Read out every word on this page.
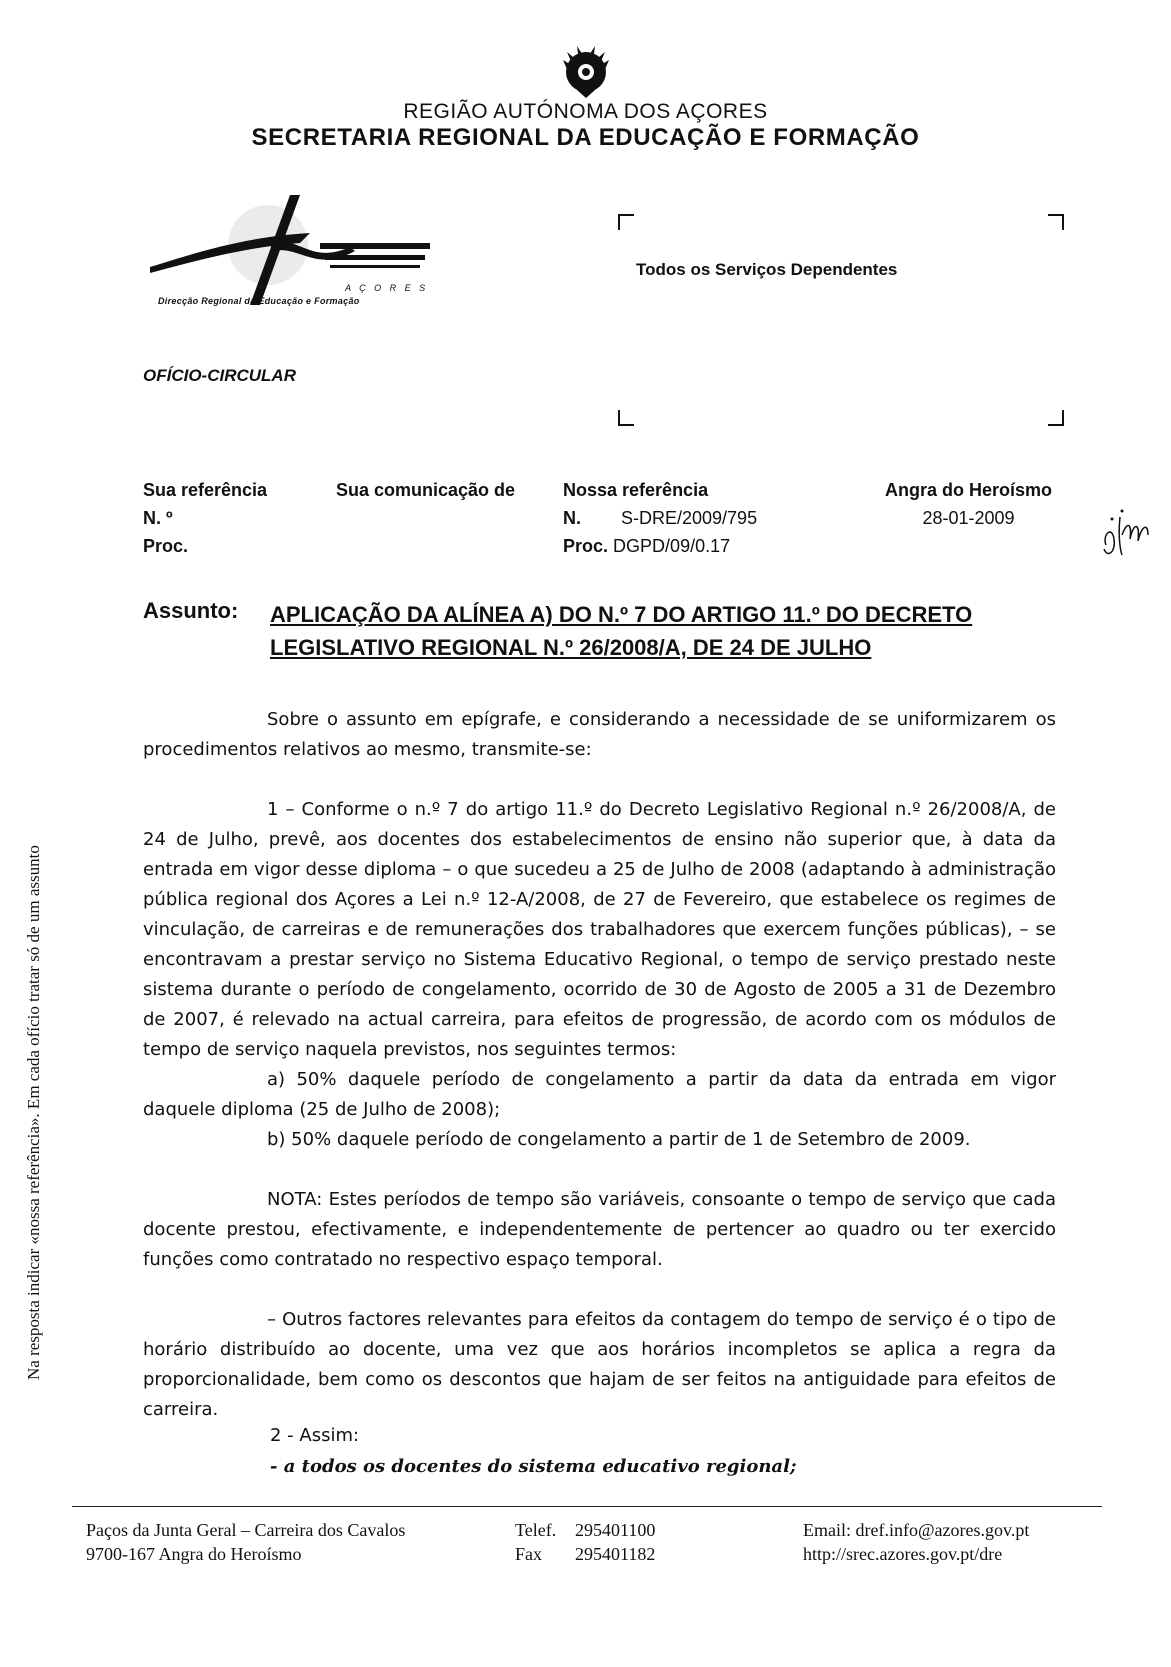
REGIÃO AUTÓNOMA DOS AÇORES
SECRETARIA REGIONAL DA EDUCAÇÃO E FORMAÇÃO
Direcção Regional da Educação e Formação
A Ç O R E S
Todos os Serviços Dependentes
OFÍCIO-CIRCULAR
Sua referência
N. º
Proc.
Sua comunicação de	Nossa referência
N. S-DRE/2009/795
Proc. DGPD/09/0.17
Angra do Heroísmo
28-01-2009
Assunto: APLICAÇÃO DA ALÍNEA A) DO N.º 7 DO ARTIGO 11.º DO DECRETO LEGISLATIVO REGIONAL N.º 26/2008/A, DE 24 DE JULHO
Sobre o assunto em epígrafe, e considerando a necessidade de se uniformizarem os procedimentos relativos ao mesmo, transmite-se:
1 – Conforme o n.º 7 do artigo 11.º do Decreto Legislativo Regional n.º 26/2008/A, de 24 de Julho, prevê, aos docentes dos estabelecimentos de ensino não superior que, à data da entrada em vigor desse diploma – o que sucedeu a 25 de Julho de 2008 (adaptando à administração pública regional dos Açores a Lei n.º 12-A/2008, de 27 de Fevereiro, que estabelece os regimes de vinculação, de carreiras e de remunerações dos trabalhadores que exercem funções públicas), – se encontravam a prestar serviço no Sistema Educativo Regional, o tempo de serviço prestado neste sistema durante o período de congelamento, ocorrido de 30 de Agosto de 2005 a 31 de Dezembro de 2007, é relevado na actual carreira, para efeitos de progressão, de acordo com os módulos de tempo de serviço naquela previstos, nos seguintes termos:
a) 50% daquele período de congelamento a partir da data da entrada em vigor daquele diploma (25 de Julho de 2008);
b) 50% daquele período de congelamento a partir de 1 de Setembro de 2009.
NOTA: Estes períodos de tempo são variáveis, consoante o tempo de serviço que cada docente prestou, efectivamente, e independentemente de pertencer ao quadro ou ter exercido funções como contratado no respectivo espaço temporal.
– Outros factores relevantes para efeitos da contagem do tempo de serviço é o tipo de horário distribuído ao docente, uma vez que aos horários incompletos se aplica a regra da proporcionalidade, bem como os descontos que hajam de ser feitos na antiguidade para efeitos de carreira.
2 - Assim:
- a todos os docentes do sistema educativo regional;
Na resposta indicar «nossa referência». Em cada ofício tratar só de um assunto
Paços da Junta Geral – Carreira dos Cavalos
9700-167 Angra do Heroísmo
Telef. 295401100
Fax 295401182
Email: dref.info@azores.gov.pt
http://srec.azores.gov.pt/dre
